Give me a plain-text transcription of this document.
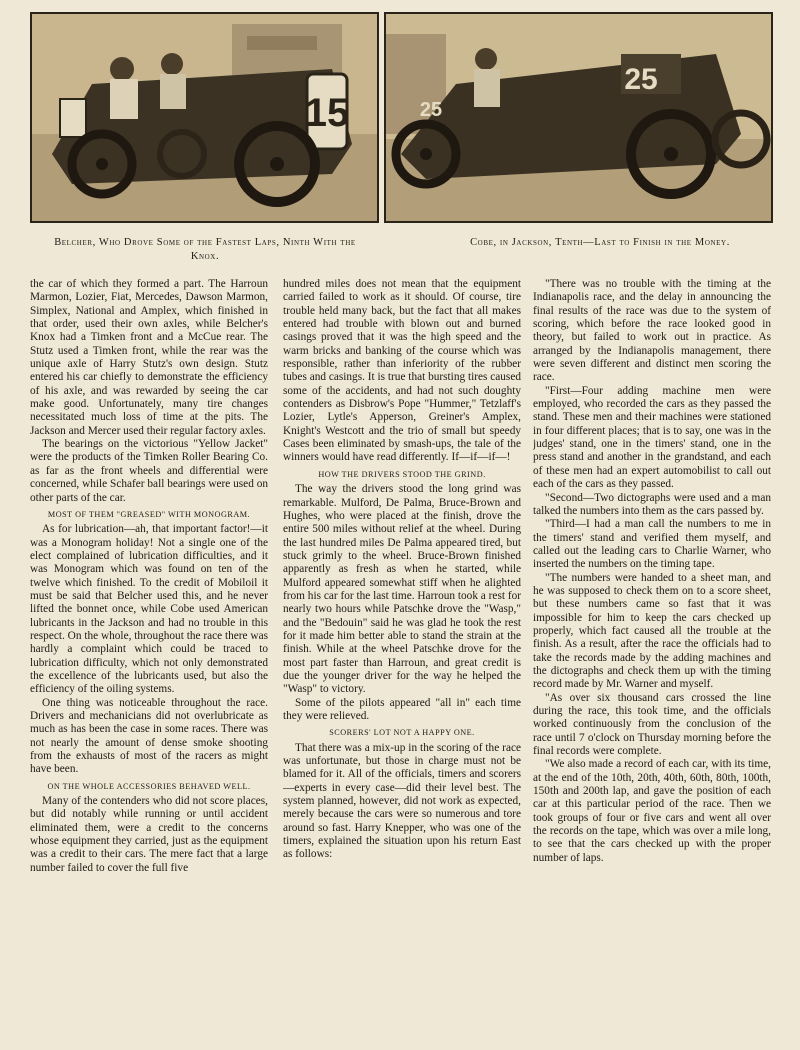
15
25
25
Belcher, Who Drove Some of the Fastest Laps, Ninth With the Knox.
Cobe, in Jackson, Tenth—Last to Finish in the Money.

the car of which they formed a part. The Harroun Marmon, Lozier, Fiat, Mercedes, Dawson Marmon, Simplex, National and Amplex, which finished in that order, used their own axles, while Belcher's Knox had a Timken front and a McCue rear. The Stutz used a Timken front, while the rear was the unique axle of Harry Stutz's own design. Stutz entered his car chiefly to demonstrate the efficiency of his axle, and was rewarded by seeing the car make good. Unfortunately, many tire changes necessitated much loss of time at the pits. The Jackson and Mercer used their regular factory axles.

The bearings on the victorious "Yellow Jacket" were the products of the Timken Roller Bearing Co. as far as the front wheels and differential were concerned, while Schafer ball bearings were used on other parts of the car.

MOST OF THEM "GREASED" WITH MONOGRAM.

As for lubrication—ah, that important factor!—it was a Monogram holiday! Not a single one of the elect complained of lubrication difficulties, and it was Monogram which was found on ten of the twelve which finished. To the credit of Mobiloil it must be said that Belcher used this, and he never lifted the bonnet once, while Cobe used American lubricants in the Jackson and had no trouble in this respect. On the whole, throughout the race there was hardly a complaint which could be traced to lubrication difficulty, which not only demonstrated the excellence of the lubricants used, but also the efficiency of the oiling systems.

One thing was noticeable throughout the race. Drivers and mechanicians did not overlubricate as much as has been the case in some races. There was not nearly the amount of dense smoke shooting from the exhausts of most of the racers as might have been.

ON THE WHOLE ACCESSORIES BEHAVED WELL.

Many of the contenders who did not score places, but did notably while running or until accident eliminated them, were a credit to the concerns whose equipment they carried, just as the equipment was a credit to their cars. The mere fact that a large number failed to cover the full five

hundred miles does not mean that the equipment carried failed to work as it should. Of course, tire trouble held many back, but the fact that all makes entered had trouble with blown out and burned casings proved that it was the high speed and the warm bricks and banking of the course which was responsible, rather than inferiority of the rubber tubes and casings. It is true that bursting tires caused some of the accidents, and had not such doughty contenders as Disbrow's Pope "Hummer," Tetzlaff's Lozier, Lytle's Apperson, Greiner's Amplex, Knight's Westcott and the trio of small but speedy Cases been eliminated by smash-ups, the tale of the winners would have read differently. If—if—if—!

HOW THE DRIVERS STOOD THE GRIND.

The way the drivers stood the long grind was remarkable. Mulford, De Palma, Bruce-Brown and Hughes, who were placed at the finish, drove the entire 500 miles without relief at the wheel. During the last hundred miles De Palma appeared tired, but stuck grimly to the wheel. Bruce-Brown finished apparently as fresh as when he started, while Mulford appeared somewhat stiff when he alighted from his car for the last time. Harroun took a rest for nearly two hours while Patschke drove the "Wasp," and the "Bedouin" said he was glad he took the rest for it made him better able to stand the strain at the finish. While at the wheel Patschke drove for the most part faster than Harroun, and great credit is due the younger driver for the way he helped the "Wasp" to victory.

Some of the pilots appeared "all in" each time they were relieved.

SCORERS' LOT NOT A HAPPY ONE.

That there was a mix-up in the scoring of the race was unfortunate, but those in charge must not be blamed for it. All of the officials, timers and scorers—experts in every case—did their level best. The system planned, however, did not work as expected, merely because the cars were so numerous and tore around so fast. Harry Knepper, who was one of the timers, explained the situation upon his return East as follows:

"There was no trouble with the timing at the Indianapolis race, and the delay in announcing the final results of the race was due to the system of scoring, which before the race looked good in theory, but failed to work out in practice. As arranged by the Indianapolis management, there were seven different and distinct men scoring the race.

"First—Four adding machine men were employed, who recorded the cars as they passed the stand. These men and their machines were stationed in four different places; that is to say, one was in the judges' stand, one in the timers' stand, one in the press stand and another in the grandstand, and each of these men had an expert automobilist to call out each of the cars as they passed.

"Second—Two dictographs were used and a man talked the numbers into them as the cars passed by.

"Third—I had a man call the numbers to me in the timers' stand and verified them myself, and called out the leading cars to Charlie Warner, who inserted the numbers on the timing tape.

"The numbers were handed to a sheet man, and he was supposed to check them on to a score sheet, but these numbers came so fast that it was impossible for him to keep the cars checked up properly, which fact caused all the trouble at the finish. As a result, after the race the officials had to take the records made by the adding machines and the dictographs and check them up with the timing record made by Mr. Warner and myself.

"As over six thousand cars crossed the line during the race, this took time, and the officials worked continuously from the conclusion of the race until 7 o'clock on Thursday morning before the final records were complete.

"We also made a record of each car, with its time, at the end of the 10th, 20th, 40th, 60th, 80th, 100th, 150th and 200th lap, and gave the position of each car at this particular period of the race. Then we took groups of four or five cars and went all over the records on the tape, which was over a mile long, to see that the cars checked up with the proper number of laps.
